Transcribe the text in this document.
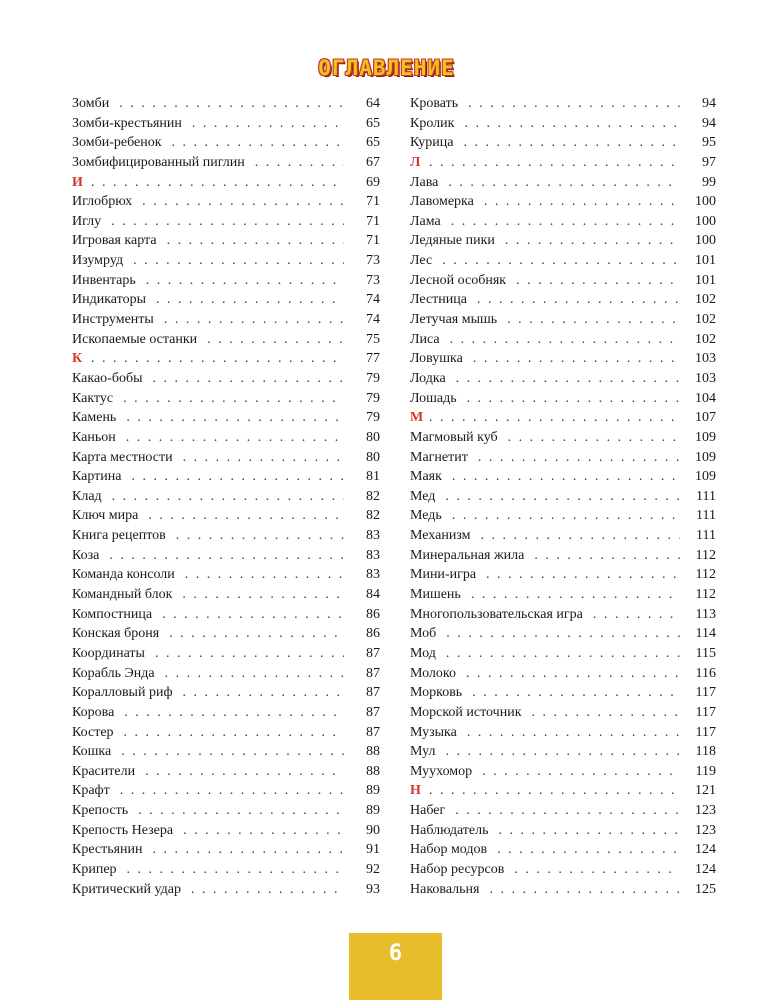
ОГЛАВЛЕНИЕ
Зомби . . .	64
Зомби-крестьянин . . .	65
Зомби-ребенок . . .	65
Зомбифицированный пиглин . . .	67
И . . .	69
Иглобрюх . . .	71
Иглу . . .	71
Игровая карта . . .	71
Изумруд . . .	73
Инвентарь . . .	73
Индикаторы . . .	74
Инструменты . . .	74
Ископаемые останки . . .	75
К . . .	77
Какао-бобы . . .	79
Кактус . . .	79
Камень . . .	79
Каньон . . .	80
Карта местности . . .	80
Картина . . .	81
Клад . . .	82
Ключ мира . . .	82
Книга рецептов . . .	83
Коза . . .	83
Команда консоли . . .	83
Командный блок . . .	84
Компостница . . .	86
Конская броня . . .	86
Координаты . . .	87
Корабль Энда . . .	87
Коралловый риф . . .	87
Корова . . .	87
Костер . . .	87
Кошка . . .	88
Красители . . .	88
Крафт . . .	89
Крепость . . .	89
Крепость Незера . . .	90
Крестьянин . . .	91
Крипер . . .	92
Критический удар . . .	93
Кровать . . .	94
Кролик . . .	94
Курица . . .	95
Л . . .	97
Лава . . .	99
Лавомерка . . .	100
Лама . . .	100
Ледяные пики . . .	100
Лес . . .	101
Лесной особняк . . .	101
Лестница . . .	102
Летучая мышь . . .	102
Лиса . . .	102
Ловушка . . .	103
Лодка . . .	103
Лошадь . . .	104
М . . .	107
Магмовый куб . . .	109
Магнетит . . .	109
Маяк . . .	109
Мед . . .	111
Медь . . .	111
Механизм . . .	111
Минеральная жила . . .	112
Мини-игра . . .	112
Мишень . . .	112
Многопользовательская игра . . .	113
Моб . . .	114
Мод . . .	115
Молоко . . .	116
Морковь . . .	117
Морской источник . . .	117
Музыка . . .	117
Мул . . .	118
Муухомор . . .	119
Н . . .	121
Набег . . .	123
Наблюдатель . . .	123
Набор модов . . .	124
Набор ресурсов . . .	124
Наковальня . . .	125
6
